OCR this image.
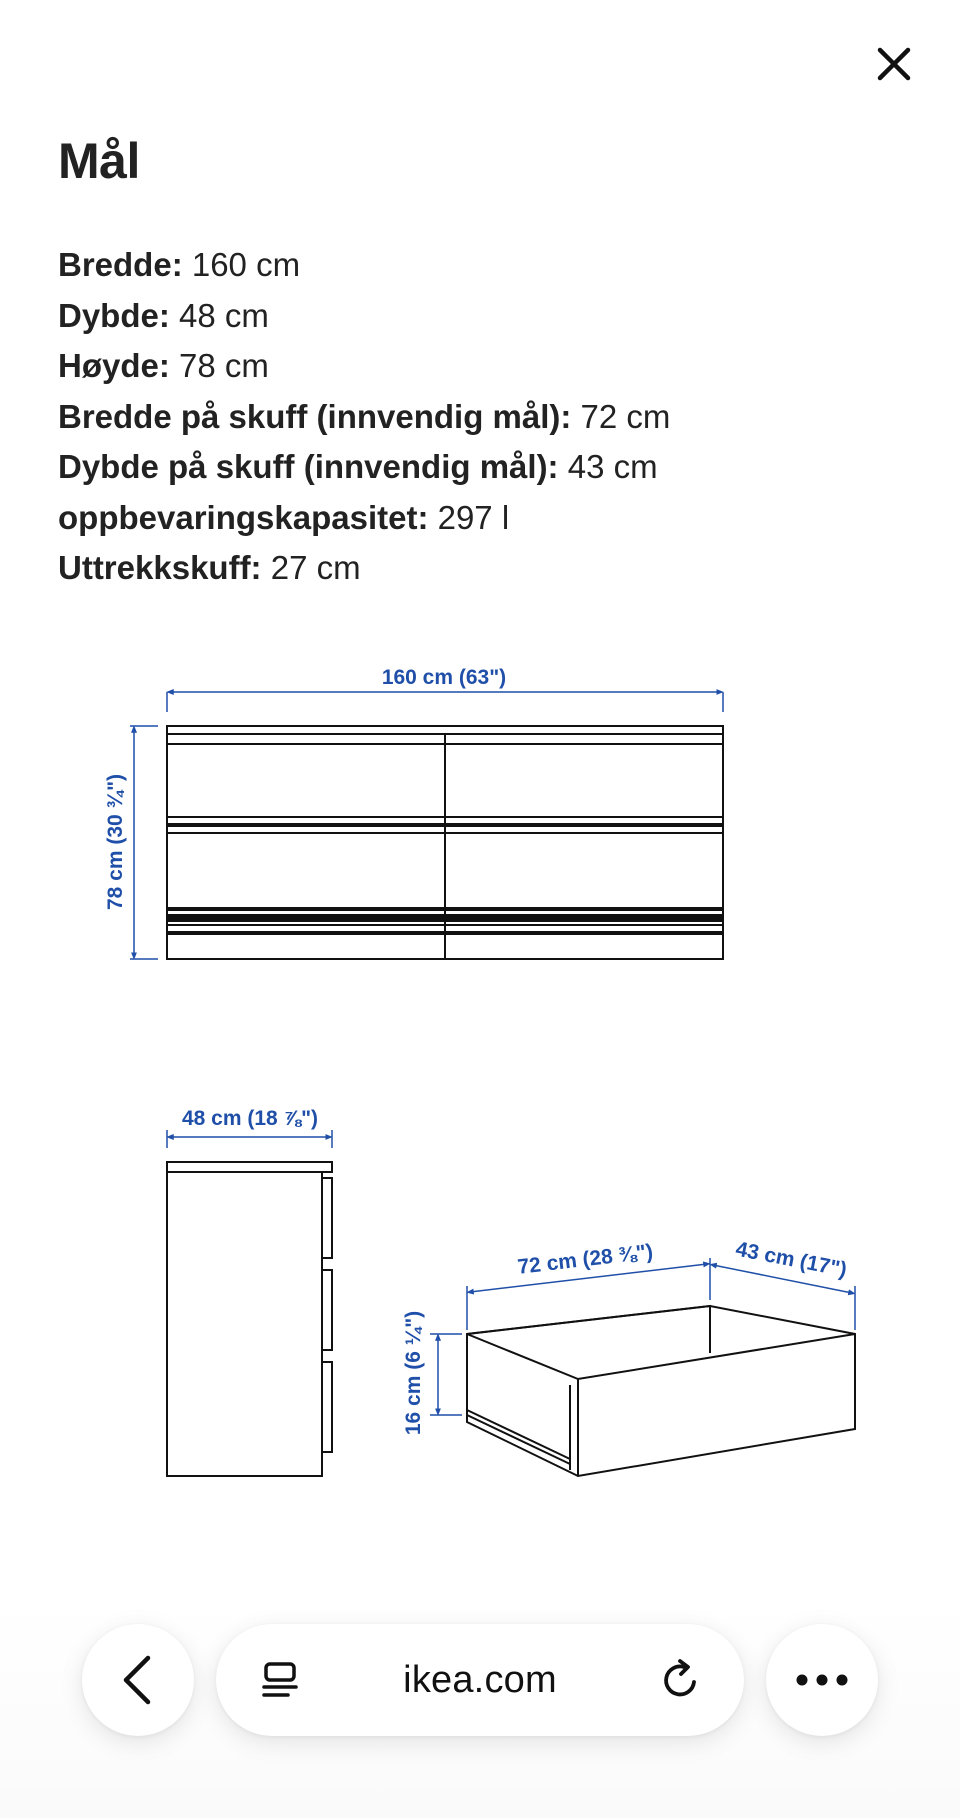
Mål
Bredde: 160 cm
Dybde: 48 cm
Høyde: 78 cm
Bredde på skuff (innvendig mål): 72 cm
Dybde på skuff (innvendig mål): 43 cm
oppbevaringskapasitet: 297 l
Uttrekkskuff: 27 cm
160 cm (63")
78 cm (30 ¾")
48 cm (18 ⅞")
72 cm (28 ⅜")	43 cm (17")
16 cm (6 ¼")
ikea.com
